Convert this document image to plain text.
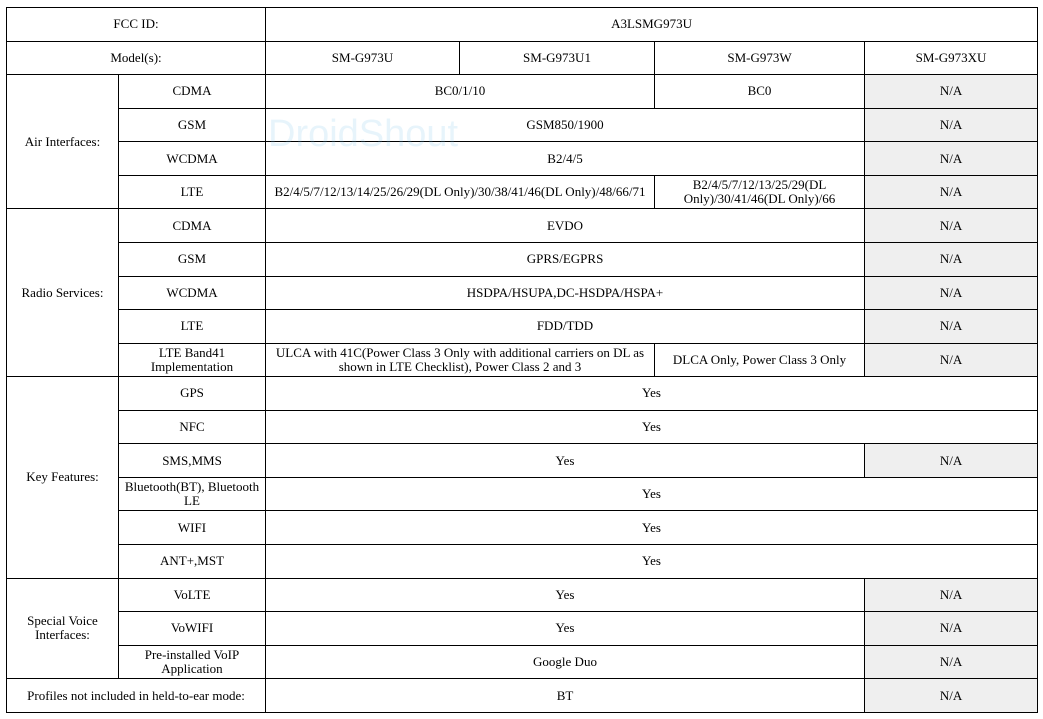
FCC ID:		A3LSMG973U			
Model(s):		SM-G973U	SM-G973U1	SM-G973W	SM-G973XU
Air Interfaces:	CDMA	BC0/1/10		BC0	N/A
	GSM	GSM850/1900			N/A
	WCDMA	B2/4/5			N/A
	LTE	B2/4/5/7/12/13/14/25/26/29(DL Only)/30/38/41/46(DL Only)/48/66/71		B2/4/5/7/12/13/25/29(DL Only)/30/41/46(DL Only)/66	N/A
Radio Services:	CDMA	EVDO			N/A
	GSM	GPRS/EGPRS			N/A
	WCDMA	HSDPA/HSUPA,DC-HSDPA/HSPA+			N/A
	LTE	FDD/TDD			N/A
	LTE Band41 Implementation	ULCA with 41C(Power Class 3 Only with additional carriers on DL as shown in LTE Checklist), Power Class 2 and 3		DLCA Only, Power Class 3 Only	N/A
Key Features:	GPS	Yes			
	NFC	Yes			
	SMS,MMS	Yes			N/A
	Bluetooth(BT), Bluetooth LE	Yes			
	WIFI	Yes			
	ANT+,MST	Yes			
Special Voice Interfaces:	VoLTE	Yes			N/A
	VoWIFI	Yes			N/A
	Pre-installed VoIP Application	Google Duo			N/A
Profiles not included in held-to-ear mode:		BT			N/A
DroidShout
